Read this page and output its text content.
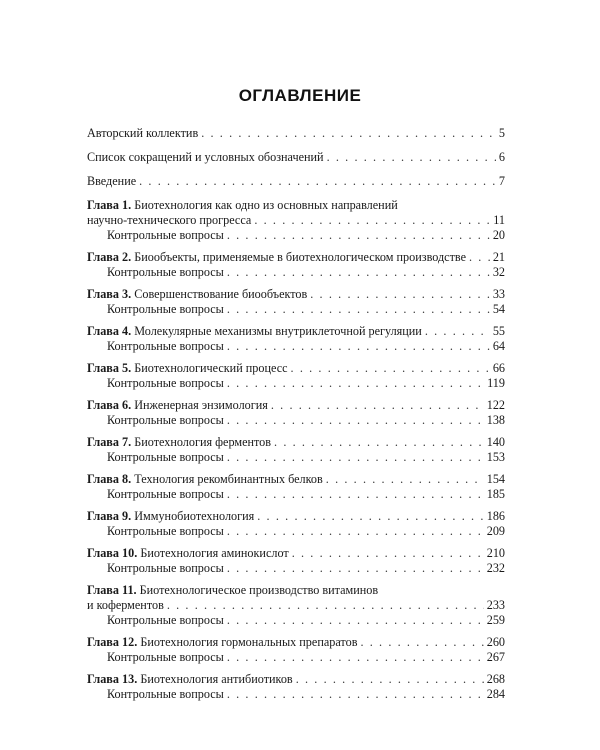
ОГЛАВЛЕНИЕ
Авторский коллектив . . .	5
Список сокращений и условных обозначений . . .	6
Введение . . .	7
Глава 1. Биотехнология как одно из основных направлений
научно-технического прогресса . . .	11
Контрольные вопросы . . .	20
Глава 2. Биообъекты, применяемые в биотехнологическом производстве . . . 21
Контрольные вопросы . . .	32
Глава 3. Совершенствование биообъектов . . .	33
Контрольные вопросы . . .	54
Глава 4. Молекулярные механизмы внутриклеточной регуляции . . .	55
Контрольные вопросы . . .	64
Глава 5. Биотехнологический процесс . . .	66
Контрольные вопросы . . .	119
Глава 6. Инженерная энзимология . . .	122
Контрольные вопросы . . .	138
Глава 7. Биотехнология ферментов . . .	140
Контрольные вопросы . . .	153
Глава 8. Технология рекомбинантных белков . . .	154
Контрольные вопросы . . .	185
Глава 9. Иммунобиотехнология . . .	186
Контрольные вопросы . . .	209
Глава 10. Биотехнология аминокислот . . .	210
Контрольные вопросы . . .	232
Глава 11. Биотехнологическое производство витаминов
и коферментов . . .	233
Контрольные вопросы . . .	259
Глава 12. Биотехнология гормональных препаратов . . .	260
Контрольные вопросы . . .	267
Глава 13. Биотехнология антибиотиков . . .	268
Контрольные вопросы . . .	284
